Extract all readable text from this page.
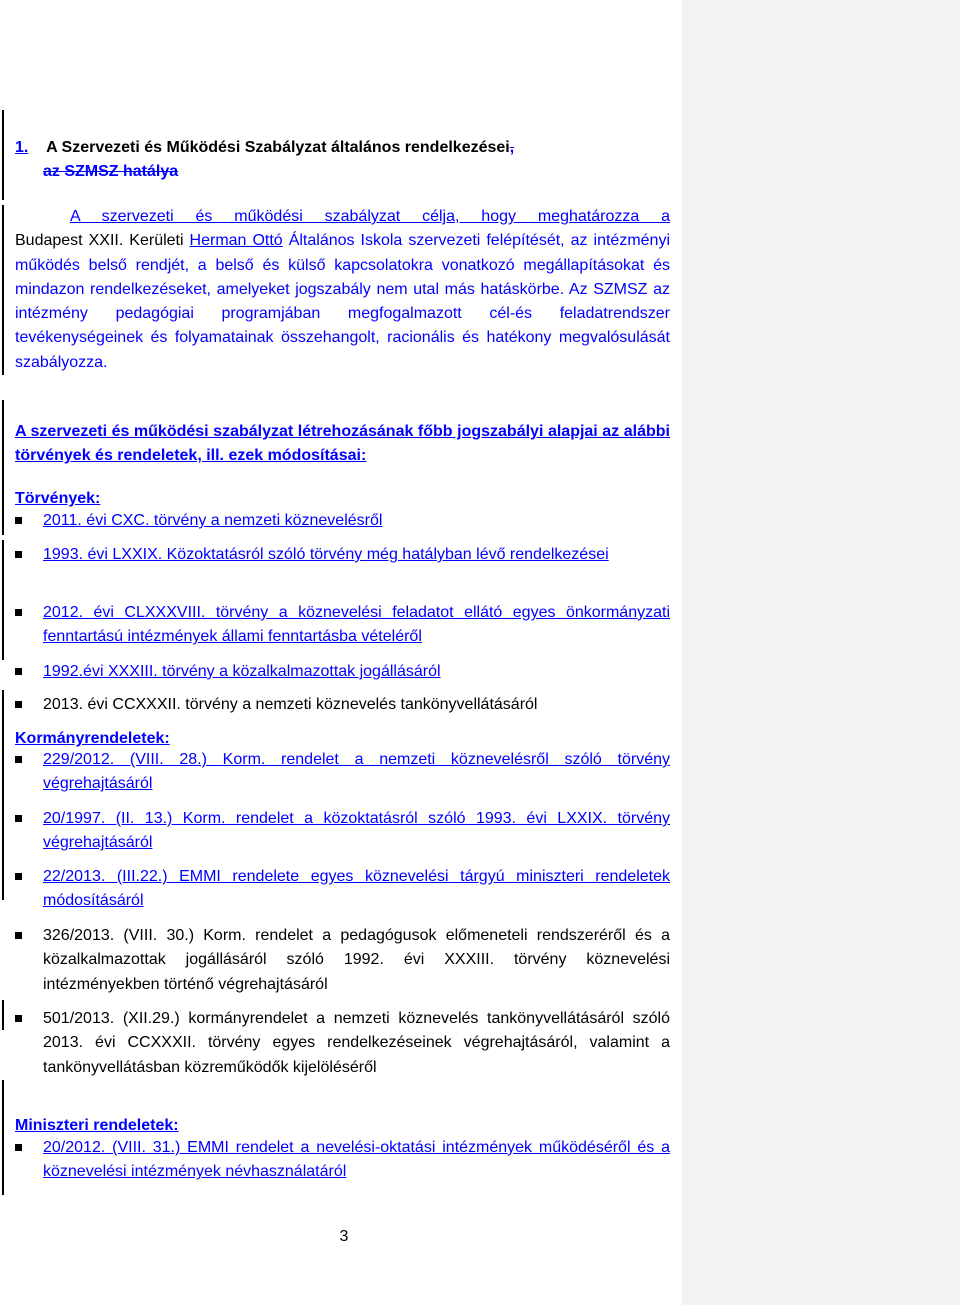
1. A Szervezeti és Működési Szabályzat általános rendelkezései,
az SZMSZ hatálya
A szervezeti és működési szabályzat célja, hogy meghatározza a
Budapest XXII. Kerületi Herman Ottó Általános Iskola szervezeti felépítését, az intézményi működés belső rendjét, a belső és külső kapcsolatokra vonatkozó megállapításokat és mindazon rendelkezéseket, amelyeket jogszabály nem utal más hatáskörbe. Az SZMSZ az intézmény pedagógiai programjában megfogalmazott cél-és feladatrendszer tevékenységeinek és folyamatainak összehangolt, racionális és hatékony megvalósulását szabályozza.
A szervezeti és működési szabályzat létrehozásának főbb jogszabályi alapjai az alábbi törvények és rendeletek, ill. ezek módosításai:
Törvények:
2011. évi CXC. törvény a nemzeti köznevelésről
1993. évi LXXIX. Közoktatásról szóló törvény még hatályban lévő rendelkezései
2012. évi CLXXXVIII. törvény a köznevelési feladatot ellátó egyes önkormányzati fenntartású intézmények állami fenntartásba vételéről
1992.évi XXXIII. törvény a közalkalmazottak jogállásáról
2013. évi CCXXXII. törvény a nemzeti köznevelés tankönyvellátásáról
Kormányrendeletek:
229/2012. (VIII. 28.) Korm. rendelet a nemzeti köznevelésről szóló törvény végrehajtásáról
20/1997. (II. 13.) Korm. rendelet a közoktatásról szóló 1993. évi LXXIX. törvény végrehajtásáról
22/2013. (III.22.) EMMI rendelete egyes köznevelési tárgyú miniszteri rendeletek módosításáról
326/2013. (VIII. 30.) Korm. rendelet a pedagógusok előmeneteli rendszeréről és a közalkalmazottak jogállásáról szóló 1992. évi XXXIII. törvény köznevelési intézményekben történő végrehajtásáról
501/2013. (XII.29.) kormányrendelet a nemzeti köznevelés tankönyvellátásáról szóló 2013. évi CCXXXII. törvény egyes rendelkezéseinek végrehajtásáról, valamint a tankönyvellátásban közreműködők kijelöléséről
Miniszteri rendeletek:
20/2012. (VIII. 31.) EMMI rendelet a nevelési-oktatási intézmények működéséről és a köznevelési intézmények névhasználatáról
3
